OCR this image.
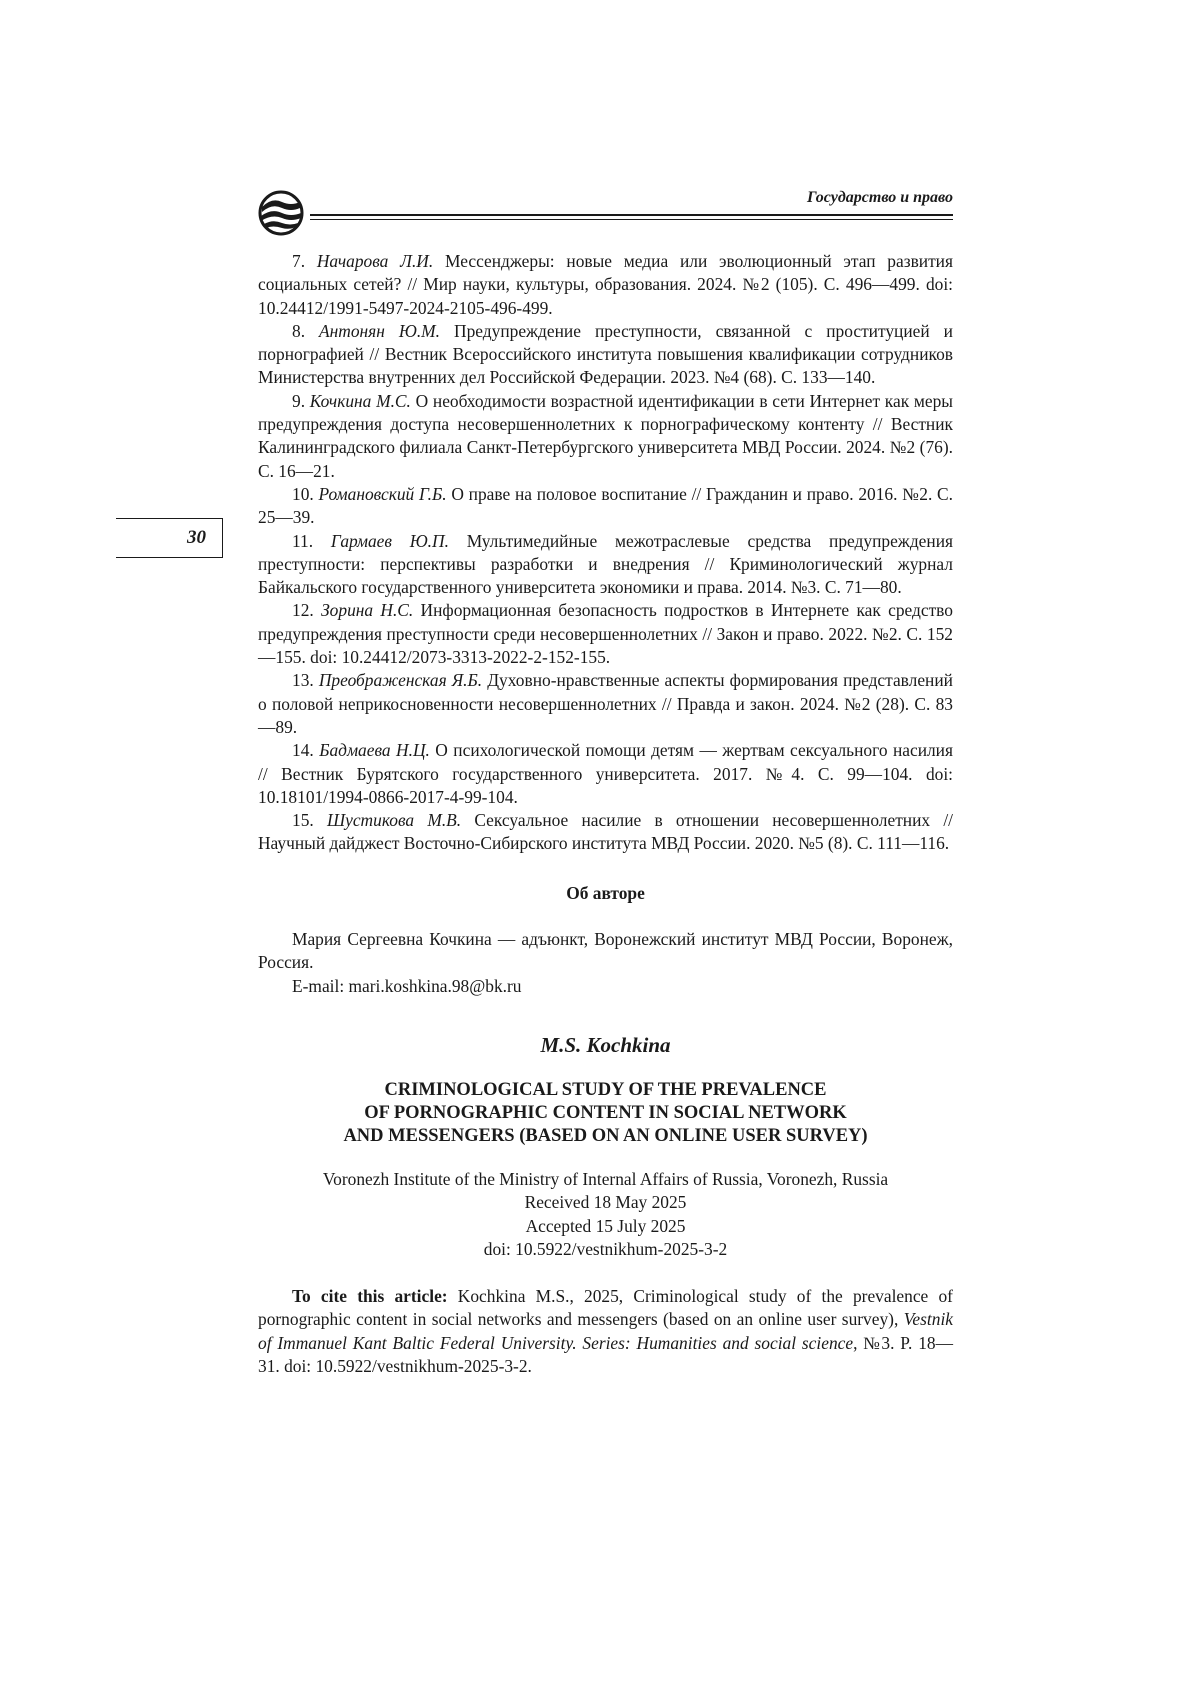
Государство и право
30

7. Начарова Л.И. Мессенджеры: новые медиа или эволюционный этап развития социальных сетей? // Мир науки, культуры, образования. 2024. №2 (105). С. 496—499. doi: 10.24412/1991-5497-2024-2105-496-499.

8. Антонян Ю.М. Предупреждение преступности, связанной с проституцией и порнографией // Вестник Всероссийского института повышения квалификации сотрудников Министерства внутренних дел Российской Федерации. 2023. №4 (68). С. 133—140.

9. Кочкина М.С. О необходимости возрастной идентификации в сети Интернет как меры предупреждения доступа несовершеннолетних к порнографическому контенту // Вестник Калининградского филиала Санкт-Петербургского университета МВД России. 2024. №2 (76). С. 16—21.

10. Романовский Г.Б. О праве на половое воспитание // Гражданин и право. 2016. №2. С. 25—39.

11. Гармаев Ю.П. Мультимедийные межотраслевые средства предупреждения преступности: перспективы разработки и внедрения // Криминологический журнал Байкальского государственного университета экономики и права. 2014. №3. С. 71—80.

12. Зорина Н.С. Информационная безопасность подростков в Интернете как средство предупреждения преступности среди несовершеннолетних // Закон и право. 2022. №2. С. 152—155. doi: 10.24412/2073-3313-2022-2-152-155.

13. Преображенская Я.Б. Духовно-нравственные аспекты формирования представлений о половой неприкосновенности несовершеннолетних // Правда и закон. 2024. №2 (28). С. 83—89.

14. Бадмаева Н.Ц. О психологической помощи детям — жертвам сексуального насилия // Вестник Бурятского государственного университета. 2017. №4. С. 99—104. doi: 10.18101/1994-0866-2017-4-99-104.

15. Шустикова М.В. Сексуальное насилие в отношении несовершеннолетних // Научный дайджест Восточно-Сибирского института МВД России. 2020. №5 (8). С. 111—116.

Об авторе

Мария Сергеевна Кочкина — адъюнкт, Воронежский институт МВД России, Воронеж, Россия.

E-mail: mari.koshkina.98@bk.ru

M.S. Kochkina

CRIMINOLOGICAL STUDY OF THE PREVALENCE
OF PORNOGRAPHIC CONTENT IN SOCIAL NETWORK
AND MESSENGERS (BASED ON AN ONLINE USER SURVEY)

Voronezh Institute of the Ministry of Internal Affairs of Russia, Voronezh, Russia
Received 18 May 2025
Accepted 15 July 2025
doi: 10.5922/vestnikhum-2025-3-2

To cite this article: Kochkina M.S., 2025, Criminological study of the prevalence of pornographic content in social networks and messengers (based on an online user survey), Vestnik of Immanuel Kant Baltic Federal University. Series: Humanities and social science, №3. P. 18—31. doi: 10.5922/vestnikhum-2025-3-2.
